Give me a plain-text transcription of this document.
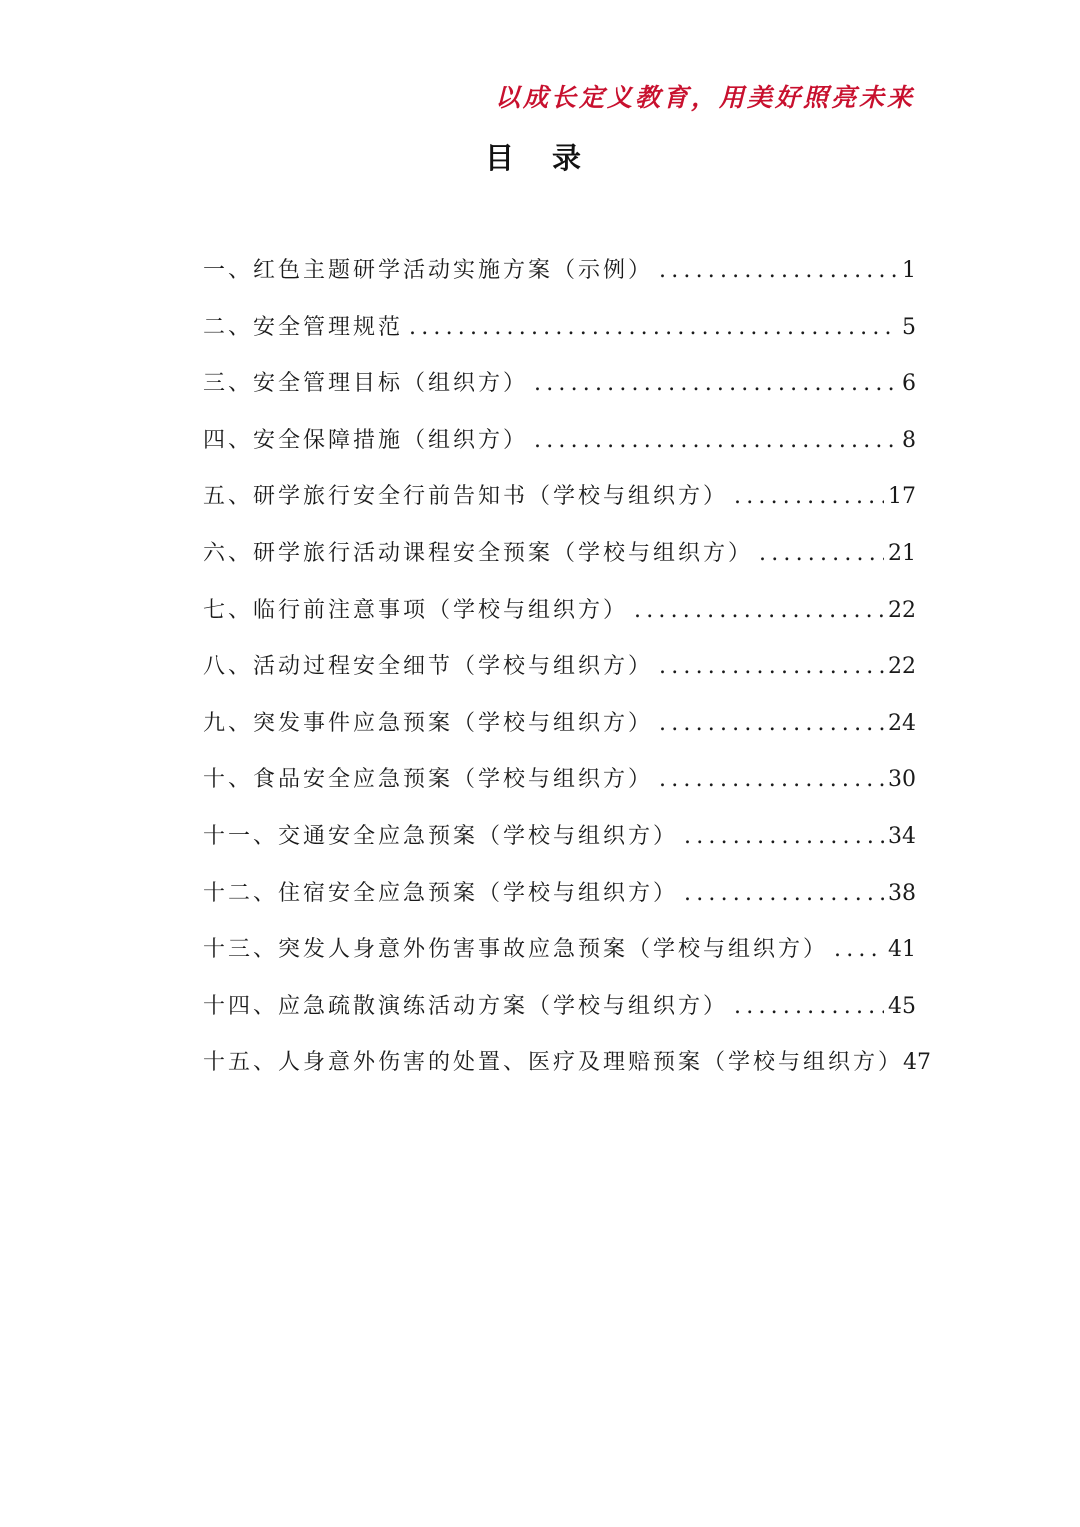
以成长定义教育，用美好照亮未来
目 录
一、红色主题研学活动实施方案（示例） .....	1
二、安全管理规范 .....	5
三、安全管理目标（组织方） .....	6
四、安全保障措施（组织方） .....	8
五、研学旅行安全行前告知书（学校与组织方） .....	17
六、研学旅行活动课程安全预案（学校与组织方） .....	21
七、临行前注意事项（学校与组织方） .....	22
八、活动过程安全细节（学校与组织方） .....	22
九、突发事件应急预案（学校与组织方） .....	24
十、食品安全应急预案（学校与组织方） .....	30
十一、交通安全应急预案（学校与组织方） .....	34
十二、住宿安全应急预案（学校与组织方） .....	38
十三、突发人身意外伤害事故应急预案（学校与组织方） .....	41
十四、应急疏散演练活动方案（学校与组织方） .....	45
十五、人身意外伤害的处置、医疗及理赔预案（学校与组织方） 47
